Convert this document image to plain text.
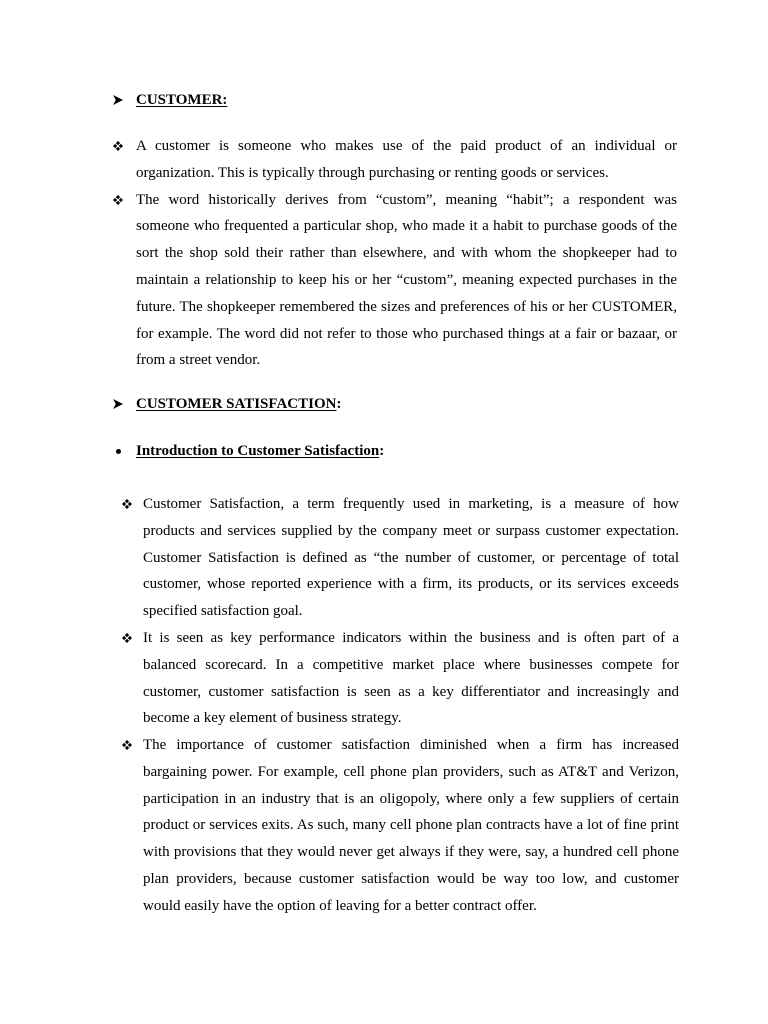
CUSTOMER:
A customer is someone who makes use of the paid product of an individual or organization. This is typically through purchasing or renting goods or services.
The word historically derives from “custom”, meaning “habit”; a respondent was someone who frequented a particular shop, who made it a habit to purchase goods of the sort the shop sold their rather than elsewhere, and with whom the shopkeeper had to maintain a relationship to keep his or her “custom”, meaning expected purchases in the future. The shopkeeper remembered the sizes and preferences of his or her CUSTOMER, for example. The word did not refer to those who purchased things at a fair or bazaar, or from a street vendor.
CUSTOMER SATISFACTION:
Introduction to Customer Satisfaction:
Customer Satisfaction, a term frequently used in marketing, is a measure of how products and services supplied by the company meet or surpass customer expectation. Customer Satisfaction is defined as “the number of customer, or percentage of total customer, whose reported experience with a firm, its products, or its services exceeds specified satisfaction goal.
It is seen as key performance indicators within the business and is often part of a balanced scorecard. In a competitive market place where businesses compete for customer, customer satisfaction is seen as a key differentiator and increasingly and become a key element of business strategy.
The importance of customer satisfaction diminished when a firm has increased bargaining power. For example, cell phone plan providers, such as AT&T and Verizon, participation in an industry that is an oligopoly, where only a few suppliers of certain product or services exits. As such, many cell phone plan contracts have a lot of fine print with provisions that they would never get always if they were, say, a hundred cell phone plan providers, because customer satisfaction would be way too low, and customer would easily have the option of leaving for a better contract offer.
